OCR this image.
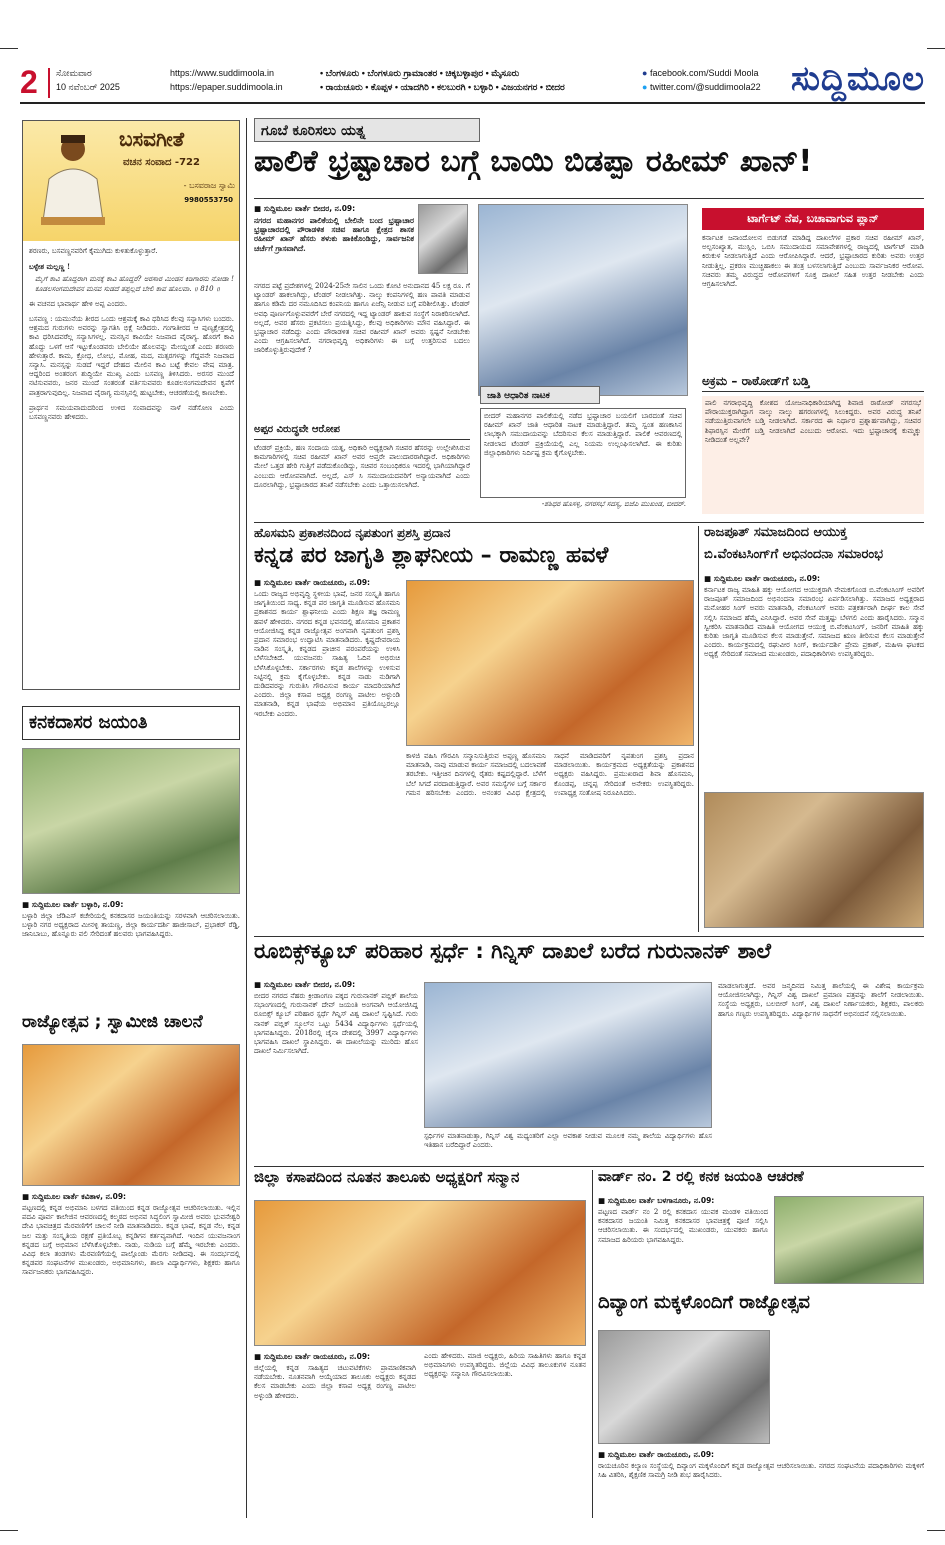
2	ಸೋಮವಾರ
10 ನವೆಂಬರ್ 2025
https://www.suddimoola.in
https://epaper.suddimoola.in
• ಬೆಂಗಳೂರು • ಬೆಂಗಳೂರು ಗ್ರಾಮಾಂತರ • ಚಿಕ್ಕಬಳ್ಳಾಪುರ • ಮೈಸೂರು
• ರಾಯಚೂರು • ಕೊಪ್ಪಳ • ಯಾದಗಿರಿ • ಕಲಬುರಗಿ • ಬಳ್ಳಾರಿ • ವಿಜಯನಗರ • ಬೀದರ
● facebook.com/Suddi Moola
● twitter.com/@suddimoola22 ಸುದ್ದಿಮೂಲ
ಬಸವಗೀತೆ
ವಚನ ಸಂವಾದ -722
- ಬಸವರಾಜ ಸ್ವಾಮಿ
9980553750

ಶರಣರು, ಬಸವಣ್ಣನವರಿಗೆ ಕೈಮುಗಿದು ಕುಳಿತುಕೊಳ್ಳುತ್ತಾರೆ.

ಬಳ್ಳೇಶ ಮಲ್ಲಣ್ಣ !

ಮೈಗೆ ಕಾವಿ ಹೊದ್ದರಾಗಿ ಮನಕ್ಕೆ ಕಾವಿ ಹೊದ್ದರೆ? ಅರಸಾರ ಮಿಂಡನ ಕಿಡಿಗಾರನು ನೋಡಾ ! ಕೂಡಲಸಂಗಮದೇವನ ಮನವ ಸುಡದೆ ತಪ್ಪಲ್ಲದೆ ಬೇಲಿ ಕಾವ ಹೊಲವಾ. ॥ 810 ॥

ಈ ವಚನದ ಭಾವಾರ್ಥ ಹೇಳಿ ಅಪ್ಪ ಎಂದರು.

ಬಸವಣ್ಣ : ಯಮುನೆಯ ತೀರದ ಒಂದು ಆಶ್ರಮಕ್ಕೆ ಕಾವಿ ಧರಿಸಿದ ಕೆಲವು ಸನ್ಯಾಸಿಗಳು ಬಂದರು. ಆಶ್ರಮದ ಗುರುಗಳು ಅವರನ್ನು ಸ್ವಾಗತಿಸಿ ಭಿಕ್ಷೆ ನೀಡಿದರು. ಗಂಗಾತೀರದ ಆ ಪುಣ್ಯಕ್ಷೇತ್ರದಲ್ಲಿ ಕಾವಿ ಧರಿಸಿದವರೆಲ್ಲ ಸನ್ಯಾಸಿಗಳಲ್ಲ. ಮನಸ್ಸಿನ ಕಾವಿಯೇ ನಿಜವಾದ ವೈರಾಗ್ಯ. ಹೊರಗೆ ಕಾವಿ ಹೊದ್ದು ಒಳಗೆ ಆಸೆ ಇಟ್ಟುಕೊಂಡವರು ಬೇಲಿಯೇ ಹೊಲವನ್ನು ಮೇಯ್ದಂತೆ ಎಂದು ಶರಣರು ಹೇಳುತ್ತಾರೆ. ಕಾಮ, ಕ್ರೋಧ, ಲೋಭ, ಮೋಹ, ಮದ, ಮತ್ಸರಗಳನ್ನು ಗೆದ್ದವನೇ ನಿಜವಾದ ಸನ್ಯಾಸಿ. ಮನಸ್ಸನ್ನು ಸುಡದೆ ಇದ್ದರೆ ದೇಹದ ಮೇಲಿನ ಕಾವಿ ಬಟ್ಟೆ ಕೇವಲ ವೇಷ ಮಾತ್ರ. ಆದ್ದರಿಂದ ಅಂತರಂಗ ಶುದ್ಧಿಯೇ ಮುಖ್ಯ ಎಂದು ಬಸವಣ್ಣ ತಿಳಿಸಿದರು. ಅರಸರ ಮುಂದೆ ನಟಿಸುವವರು, ಜನರ ಮುಂದೆ ಸಂತರಂತೆ ವರ್ತಿಸುವವರು ಕೂಡಲಸಂಗಮದೇವನ ಕೃಪೆಗೆ ಪಾತ್ರರಾಗುವುದಿಲ್ಲ. ನಿಜವಾದ ವೈರಾಗ್ಯ ಮನಸ್ಸಿನಲ್ಲಿ ಹುಟ್ಟಬೇಕು, ಆಚರಣೆಯಲ್ಲಿ ಕಾಣಬೇಕು.

ಪ್ರಾರ್ಥನ ಸಮಯವಾದುದರಿಂದ ಉಳಿದ ಸಂವಾದವನ್ನು ನಾಳೆ ನಡೆಸೋಣ ಎಂದು ಬಸವಣ್ಣನವರು ಹೇಳಿದರು.

ಕನಕದಾಸರ ಜಯಂತಿ
■ ಸುದ್ದಿಮೂಲ ವಾರ್ತೆ ಬಳ್ಳಾರಿ, ನ.09:
ಬಳ್ಳಾರಿ ಜಿಲ್ಲಾ ಜೆಡಿಎಸ್ ಕಚೇರಿಯಲ್ಲಿ ಕನಕದಾಸರ ಜಯಂತಿಯನ್ನು ಸರಳವಾಗಿ ಆಚರಿಸಲಾಯಿತು. ಬಳ್ಳಾರಿ ನಗರ ಅಧ್ಯಕ್ಷರಾದ ಮೀನಳ್ಳಿ ತಾಯಣ್ಣ, ಜಿಲ್ಲಾ ಕಾರ್ಯದರ್ಶಿ ಹಾಜೀಸಾಬ್, ಪ್ರಭಾಕರ್ ರೆಡ್ಡಿ, ಜಾನಿಬಾಬು, ಹೊನ್ನೂರು ವಲಿ ಸೇರಿದಂತೆ ಹಲವರು ಭಾಗವಹಿಸಿದ್ದರು.
ರಾಜ್ಯೋತ್ಸವ ; ಸ್ವಾಮೀಜಿ ಚಾಲನೆ
■ ಸುದ್ದಿಮೂಲ ವಾರ್ತೆ ಕವಿತಾಳ, ನ.09:
ಪಟ್ಟಣದಲ್ಲಿ ಕನ್ನಡ ಅಭಿಮಾನಿ ಬಳಗದ ವತಿಯಿಂದ ಕನ್ನಡ ರಾಜ್ಯೋತ್ಸವ ಆಚರಿಸಲಾಯಿತು. ಇಲ್ಲಿನ ಪದವಿ ಪೂರ್ವ ಕಾಲೇಜಿನ ಆವರಣದಲ್ಲಿ ಕಲ್ಮಠದ ಅಭಿನವ ಸಿದ್ಧಲಿಂಗ ಸ್ವಾಮೀಜಿ ಅವರು ಭುವನೇಶ್ವರಿ ದೇವಿ ಭಾವಚಿತ್ರದ ಮೆರವಣಿಗೆಗೆ ಚಾಲನೆ ನೀಡಿ ಮಾತನಾಡಿದರು. ಕನ್ನಡ ಭಾಷೆ, ಕನ್ನಡ ನೆಲ, ಕನ್ನಡ ಜಲ ಮತ್ತು ಸಂಸ್ಕೃತಿಯ ರಕ್ಷಣೆ ಪ್ರತಿಯೊಬ್ಬ ಕನ್ನಡಿಗನ ಕರ್ತವ್ಯವಾಗಿದೆ. ಇಂದಿನ ಯುವಜನಾಂಗ ಕನ್ನಡದ ಬಗ್ಗೆ ಅಭಿಮಾನ ಬೆಳೆಸಿಕೊಳ್ಳಬೇಕು. ನಾಡು, ನುಡಿಯ ಬಗ್ಗೆ ಹೆಮ್ಮೆ ಇರಬೇಕು ಎಂದರು. ವಿವಿಧ ಕಲಾ ತಂಡಗಳು ಮೆರವಣಿಗೆಯಲ್ಲಿ ಪಾಲ್ಗೊಂಡು ಮೆರಗು ನೀಡಿದವು. ಈ ಸಂದರ್ಭದಲ್ಲಿ ಕನ್ನಡಪರ ಸಂಘಟನೆಗಳ ಮುಖಂಡರು, ಅಭಿಮಾನಿಗಳು, ಶಾಲಾ ವಿದ್ಯಾರ್ಥಿಗಳು, ಶಿಕ್ಷಕರು ಹಾಗೂ ಸಾರ್ವಜನಿಕರು ಭಾಗವಹಿಸಿದ್ದರು.
ಗೂಬೆ ಕೂರಿಸಲು ಯತ್ನ
ಪಾಲಿಕೆ ಭ್ರಷ್ಟಾಚಾರ ಬಗ್ಗೆ ಬಾಯಿ ಬಿಡಪ್ಪಾ ರಹೀಮ್ ಖಾನ್!
■ ಸುದ್ದಿಮೂಲ ವಾರ್ತೆ ಬೀದರ, ನ.09:
ನಗರದ ಮಹಾನಗರ ಪಾಲಿಕೆಯಲ್ಲಿ ಬೇಲಿನೇ ಬಂದ ಭ್ರಷ್ಟಾಚಾರ ಭ್ರಷ್ಟಾಚಾರದಲ್ಲಿ ಪೌರಾಡಳಿತ ಸಚಿವ ಹಾಗೂ ಕ್ಷೇತ್ರದ ಶಾಸಕ ರಹೀಮ್ ಖಾನ್ ಹೆಸರು ತಳುಕು ಹಾಕಿಕೊಂಡಿದ್ದು, ಸಾರ್ವಜನಿಕ ಚರ್ಚೆಗೆ ಗ್ರಾಸವಾಗಿದೆ.
ನಗರದ ಪಟ್ಟೆ ಪ್ರದೇಶಗಳಲ್ಲಿ 2024-25ನೇ ಸಾಲಿನ ಒಂದು ಕೋಟಿ ಅನುದಾನದ 45 ಲಕ್ಷ ರೂ. ಗೆ ಟ್ಯಾಂಡರ್ ಹಾಕಲಾಗಿದ್ದು, ಟೆಂಡರ್ ನೀಡಲಾಗಿತ್ತು. ನಾಲ್ಕು ಕಂಪನಿಗಳಲ್ಲಿ ಹಣ ಪಾವತಿ ಮಾಡುವ ಹಾಗೂ ಕಡಿಮೆ ದರ ನಮೂದಿಸಿದ ಕಂಪನಿಯ ಹಾಗೂ ಏಜೆನ್ಸಿ ನೀಡುವ ಬಗ್ಗೆ ಪರಿಶೀಲಿಸಿತ್ತು. ಟೆಂಡರ್ ಅವಧಿ ಪೂರ್ಣಗೊಳ್ಳುವವರೆಗೆ ಬೇರೆ ನಗರದಲ್ಲಿ ಇದ್ದ ಟ್ಯಾಂಡರ್ ಹಾಕುವ ಸಂಸ್ಥೆಗೆ ನಿರಾಕರಿಸಲಾಗಿದೆ. ಅಲ್ಲದೆ, ಅವರ ಹೆಸರು ಪ್ರಕಟಿಸಲು ಪ್ರಯತ್ನಿಸಿದ್ದು, ಕೆಲವು ಅಧಿಕಾರಿಗಳು ಮೌನ ವಹಿಸಿದ್ದಾರೆ. ಈ ಭ್ರಷ್ಟಾಚಾರ ನಡೆದಿದ್ದು ಎಂದು ಪೌರಾಡಳಿತ ಸಚಿವ ರಹೀಮ್ ಖಾನ್ ಅವರು ಸ್ಪಷ್ಟನೆ ನೀಡಬೇಕು ಎಂದು ಆಗ್ರಹಿಸಲಾಗಿದೆ. ನಗರಾಭಿವೃದ್ಧಿ ಅಧಿಕಾರಿಗಳು ಈ ಬಗ್ಗೆ ಉತ್ತರಿಸುವ ಬದಲು ಜಾರಿಕೊಳ್ಳುತ್ತಿರುವುದೇಕೆ ?
ಅಪ್ಪರ ವಿರುದ್ಧವೇ ಆರೋಪ
ಟೆಂಡರ್ ಪ್ರಕ್ರಿಯೆ, ಹಣ ಸಂದಾಯ ಯತ್ನ, ಅಧಿಕಾರಿ ಅಧ್ಯಕ್ಷರಾಗಿ ಸಚಿವರ ಹೆಸರನ್ನು ಉಲ್ಲೇಖಿಸಿರುವ ಕಾಮಗಾರಿಗಳಲ್ಲಿ ಸಚಿವ ರಹೀಮ್ ಖಾನ್ ಅವರ ಆಪ್ತರೇ ಪಾಲುದಾರರಾಗಿದ್ದಾರೆ. ಅಧಿಕಾರಿಗಳು ಮೇಲೆ ಒತ್ತಡ ಹೇರಿ ಗುತ್ತಿಗೆ ಪಡೆದುಕೊಂಡಿದ್ದು, ಸಚಿವರ ಸಂಬಂಧಿಕರೂ ಇದರಲ್ಲಿ ಭಾಗಿಯಾಗಿದ್ದಾರೆ ಎಂಬುದು ಆರೋಪವಾಗಿದೆ. ಅಲ್ಲದೆ, ಎಸ್ ಸಿ ಸಮುದಾಯದವರಿಗೆ ಅನ್ಯಾಯವಾಗಿದೆ ಎಂದು ದೂರಲಾಗಿದ್ದು, ಭ್ರಷ್ಟಾಚಾರದ ತನಿಖೆ ನಡೆಸಬೇಕು ಎಂದು ಒತ್ತಾಯಿಸಲಾಗಿದೆ.
ಜಾತಿ ಆಧಾರಿತ ನಾಟಕ
ಬೀದರ್ ಮಹಾನಗರ ಪಾಲಿಕೆಯಲ್ಲಿ ನಡೆದ ಭ್ರಷ್ಟಾಚಾರ ಬಯಲಿಗೆ ಬಾರದಂತೆ ಸಚಿವ ರಹೀಮ್ ಖಾನ್ ಜಾತಿ ಆಧಾರಿತ ನಾಟಕ ಮಾಡುತ್ತಿದ್ದಾರೆ. ತಮ್ಮ ಸ್ವಂತ ಹಣಕಾಸಿನ ಲಾಭಕ್ಕಾಗಿ ಸಮುದಾಯವನ್ನು ಬೆದರಿಸುವ ಕೆಲಸ ಮಾಡುತ್ತಿದ್ದಾರೆ. ಪಾಲಿಕೆ ಆವರಣದಲ್ಲಿ ನೀಡಲಾದ ಟೆಂಡರ್ ಪ್ರಕ್ರಿಯೆಯಲ್ಲಿ ಎಲ್ಲ ನಿಯಮ ಉಲ್ಲಂಘಿಸಲಾಗಿದೆ. ಈ ಕುರಿತು ಜಿಲ್ಲಾಧಿಕಾರಿಗಳು ನಿರ್ದಿಷ್ಟ ಕ್ರಮ ಕೈಗೊಳ್ಳಬೇಕು.
-ಶಶಿಧರ ಹೊಸಳ್ಳಿ, ನಗರಸಭೆ ಸದಸ್ಯ, ಬಿಜೆಪಿ ಮುಖಂಡ, ಬೀದರ್.
ಟಾರ್ಗೆಟ್ ನೆಪ, ಬಚಾವಾಗುವ ಪ್ಲಾನ್
ಕರ್ನಾಟಕ ಜನಾಂದೋಲನ ಬಿಡುಗಡೆ ಮಾಡಿದ್ದ ದಾಖಲೆಗಳ ಪ್ರಕಾರ ಸಚಿವ ರಹೀಮ್ ಖಾನ್, ಅಲ್ಪಸಂಖ್ಯಾತ, ಮುಸ್ಲಿಂ, ಒಬಿಸಿ ಸಮುದಾಯದ ಸಮಾವೇಶಗಳಲ್ಲಿ ರಾಜ್ಯದಲ್ಲಿ ಟಾರ್ಗೆಟ್ ಮಾಡಿ ಕಿರುಕುಳ ನೀಡಲಾಗುತ್ತಿದೆ ಎಂದು ಆರೋಪಿಸಿದ್ದಾರೆ. ಆದರೆ, ಭ್ರಷ್ಟಾಚಾರದ ಕುರಿತು ಅವರು ಉತ್ತರ ನೀಡುತ್ತಿಲ್ಲ. ಪ್ರಕರಣ ಮುಚ್ಚಿಹಾಕಲು ಈ ತಂತ್ರ ಬಳಸಲಾಗುತ್ತಿದೆ ಎಂಬುದು ಸಾರ್ವಜನಿಕರ ಆರೋಪ. ಸಚಿವರು ತಮ್ಮ ವಿರುದ್ಧದ ಆರೋಪಗಳಿಗೆ ಸೂಕ್ತ ದಾಖಲೆ ಸಹಿತ ಉತ್ತರ ನೀಡಬೇಕು ಎಂದು ಆಗ್ರಹಿಸಲಾಗಿದೆ.
ಅಕ್ರಮ – ರಾಠೋಡ್‌ಗೆ ಬಡ್ತಿ
ಪಾಲಿ ನಗರಾಭಿವೃದ್ಧಿ ಕೋಶದ ಯೋಜನಾಧಿಕಾರಿಯಾಗಿದ್ದ ಶಿವಾಜಿ ರಾಠೋಡ್ ನಗರಸಭೆ ಪೌರಾಯುಕ್ತರಾಗಿದ್ದಾಗ ನಾಲ್ಕು ನಾಲ್ಕು ಹಗರಣಗಳಲ್ಲಿ ಸಿಲುಕಿದ್ದರು. ಅವರ ವಿರುದ್ಧ ತನಿಖೆ ನಡೆಯುತ್ತಿರುವಾಗಲೇ ಬಡ್ತಿ ನೀಡಲಾಗಿದೆ. ಸರ್ಕಾರದ ಈ ನಿರ್ಧಾರ ಪ್ರಶ್ನಾರ್ಹವಾಗಿದ್ದು, ಸಚಿವರ ಶಿಫಾರಸ್ಸಿನ ಮೇರೆಗೆ ಬಡ್ತಿ ನೀಡಲಾಗಿದೆ ಎಂಬುದು ಆರೋಪ. ಇದು ಭ್ರಷ್ಟಾಚಾರಕ್ಕೆ ಕುಮ್ಮಕ್ಕು ನೀಡಿದಂತೆ ಅಲ್ಲವೇ?
ಹೊಸಮನಿ ಪ್ರಕಾಶನದಿಂದ ನೃಪತುಂಗ ಪ್ರಶಸ್ತಿ ಪ್ರದಾನ
ಕನ್ನಡ ಪರ ಜಾಗೃತಿ ಶ್ಲಾಘನೀಯ – ರಾಮಣ್ಣ ಹವಳೆ
■ ಸುದ್ದಿಮೂಲ ವಾರ್ತೆ ರಾಯಚೂರು, ನ.09:
ಒಂದು ರಾಜ್ಯದ ಅಭಿವೃದ್ಧಿ ಸ್ಥಳೀಯ ಭಾಷೆ, ಜನರ ಸಂಸ್ಕೃತಿ ಹಾಗೂ ಜಾಗೃತಿಯಿಂದ ಸಾಧ್ಯ. ಕನ್ನಡ ಪರ ಜಾಗೃತಿ ಮೂಡಿಸುವ ಹೊಸಮನಿ ಪ್ರಕಾಶನದ ಕಾರ್ಯ ಶ್ಲಾಘನೀಯ ಎಂದು ಶಿಕ್ಷಣ ತಜ್ಞ ರಾಮಣ್ಣ ಹವಳೆ ಹೇಳಿದರು. ನಗರದ ಕನ್ನಡ ಭವನದಲ್ಲಿ ಹೊಸಮನಿ ಪ್ರಕಾಶನ ಆಯೋಜಿಸಿದ್ದ ಕನ್ನಡ ರಾಜ್ಯೋತ್ಸವ ಅಂಗವಾಗಿ ನೃಪತುಂಗ ಪ್ರಶಸ್ತಿ ಪ್ರದಾನ ಸಮಾರಂಭ ಉದ್ಘಾಟಿಸಿ ಮಾತನಾಡಿದರು. ಕೃಷ್ಣದೇವರಾಯ ನಾಡಿನ ಸಂಸ್ಕೃತಿ, ಕನ್ನಡದ ಪ್ರಾಚೀನ ಪರಂಪರೆಯನ್ನು ಉಳಿಸಿ ಬೆಳೆಸಬೇಕಿದೆ. ಯುವಜನರು ಸಾಹಿತ್ಯ ಓದಿನ ಅಭಿರುಚಿ ಬೆಳೆಸಿಕೊಳ್ಳಬೇಕು. ಸರ್ಕಾರಗಳು ಕನ್ನಡ ಶಾಲೆಗಳನ್ನು ಉಳಿಸುವ ನಿಟ್ಟಿನಲ್ಲಿ ಕ್ರಮ ಕೈಗೊಳ್ಳಬೇಕು. ಕನ್ನಡ ನಾಡು ನುಡಿಗಾಗಿ ದುಡಿದವರನ್ನು ಗುರುತಿಸಿ ಗೌರವಿಸುವ ಕಾರ್ಯ ಮಾದರಿಯಾಗಿದೆ ಎಂದರು. ಜಿಲ್ಲಾ ಕಸಾಪ ಅಧ್ಯಕ್ಷ ರಂಗಣ್ಣ ಪಾಟೀಲ ಅಳ್ಳುಂಡಿ ಮಾತನಾಡಿ, ಕನ್ನಡ ಭಾಷೆಯ ಅಭಿಮಾನ ಪ್ರತಿಯೊಬ್ಬರಲ್ಲೂ ಇರಬೇಕು ಎಂದರು.
ಕಾಳಜಿ ವಹಿಸಿ ಗೌರವಿಸಿ ಸನ್ಮಾನಿಸುತ್ತಿರುವ ಅಪ್ಪಣ್ಣ ಹೊಸಮನಿ ಮಾತನಾಡಿ, ನಾವು ಮಾಡುವ ಕಾರ್ಯ ಸಮಾಜದಲ್ಲಿ ಬದಲಾವಣೆ ತರಬೇಕು. ಇತ್ತೀಚಿನ ದಿನಗಳಲ್ಲಿ ರೈತರು ಕಷ್ಟದಲ್ಲಿದ್ದಾರೆ. ಬೆಳೆಗೆ ಬೆಲೆ ಸಿಗದೆ ಪರದಾಡುತ್ತಿದ್ದಾರೆ. ಅವರ ಸಮಸ್ಯೆಗಳ ಬಗ್ಗೆ ಸರ್ಕಾರ ಗಮನ ಹರಿಸಬೇಕು ಎಂದರು. ಅನಂತರ ವಿವಿಧ ಕ್ಷೇತ್ರದಲ್ಲಿ ಸಾಧನೆ ಮಾಡಿದವರಿಗೆ ನೃಪತುಂಗ ಪ್ರಶಸ್ತಿ ಪ್ರದಾನ ಮಾಡಲಾಯಿತು. ಕಾರ್ಯಕ್ರಮದ ಅಧ್ಯಕ್ಷತೆಯನ್ನು ಪ್ರಕಾಶನದ ಅಧ್ಯಕ್ಷರು ವಹಿಸಿದ್ದರು. ಪ್ರಮುಖರಾದ ಶಿವಾ ಹೊಸಮನಿ, ಕೊಂಡಪ್ಪ, ಚನ್ನಪ್ಪ ಸೇರಿದಂತೆ ಅನೇಕರು ಉಪಸ್ಥಿತರಿದ್ದರು. ಉಪಾಧ್ಯಕ್ಷ ಸಂತೋಷ ನಿರೂಪಿಸಿದರು.
ರಾಜಪೂತ್ ಸಮಾಜದಿಂದ ಆಯುಕ್ತ
ಬಿ.ವೆಂಕಟಸಿಂಗ್‌ಗೆ ಅಭಿನಂದನಾ ಸಮಾರಂಭ
■ ಸುದ್ದಿಮೂಲ ವಾರ್ತೆ ರಾಯಚೂರು, ನ.09:
ಕರ್ನಾಟಕ ರಾಜ್ಯ ಮಾಹಿತಿ ಹಕ್ಕು ಆಯೋಗದ ಆಯುಕ್ತರಾಗಿ ನೇಮಕಗೊಂಡ ಬಿ.ವೆಂಕಟಸಿಂಗ್ ಅವರಿಗೆ ರಾಜಪೂತ್ ಸಮಾಜದಿಂದ ಅಭಿನಂದನಾ ಸಮಾರಂಭ ಏರ್ಪಡಿಸಲಾಗಿತ್ತು. ಸಮಾಜದ ಅಧ್ಯಕ್ಷರಾದ ಮನೋಹರ ಸಿಂಗ್ ಅವರು ಮಾತನಾಡಿ, ವೆಂಕಟಸಿಂಗ್ ಅವರು ಪತ್ರಕರ್ತರಾಗಿ ದೀರ್ಘ ಕಾಲ ಸೇವೆ ಸಲ್ಲಿಸಿ ಸಮಾಜದ ಹೆಮ್ಮೆ ಎನಿಸಿದ್ದಾರೆ. ಅವರ ಸೇವೆ ಮತ್ತಷ್ಟು ಬೆಳಗಲಿ ಎಂದು ಹಾರೈಸಿದರು. ಸನ್ಮಾನ ಸ್ವೀಕರಿಸಿ ಮಾತನಾಡಿದ ಮಾಹಿತಿ ಆಯೋಗದ ಆಯುಕ್ತ ಬಿ.ವೆಂಕಟಸಿಂಗ್, ಜನರಿಗೆ ಮಾಹಿತಿ ಹಕ್ಕು ಕುರಿತು ಜಾಗೃತಿ ಮೂಡಿಸುವ ಕೆಲಸ ಮಾಡುತ್ತೇನೆ. ಸಮಾಜದ ಋಣ ತೀರಿಸುವ ಕೆಲಸ ಮಾಡುತ್ತೇನೆ ಎಂದರು. ಕಾರ್ಯಕ್ರಮದಲ್ಲಿ ರಘುವೀರ ಸಿಂಗ್, ಕಾರ್ಯದರ್ಶಿ ಪ್ರೇಮ ಪ್ರಕಾಶ್, ಮಹಿಳಾ ಘಟಕದ ಅಧ್ಯಕ್ಷೆ ಸೇರಿದಂತೆ ಸಮಾಜದ ಮುಖಂಡರು, ಪದಾಧಿಕಾರಿಗಳು ಉಪಸ್ಥಿತರಿದ್ದರು.
ರೂಬಿಕ್ಸ್‌ಕ್ಯೂಬ್ ಪರಿಹಾರ ಸ್ಪರ್ಧೆ : ಗಿನ್ನಿಸ್ ದಾಖಲೆ ಬರೆದ ಗುರುನಾನಕ್ ಶಾಲೆ
■ ಸುದ್ದಿಮೂಲ ವಾರ್ತೆ ಬೀದರ, ನ.09:
ಬೀದರ ನಗರದ ನೆಹರು ಕ್ರೀಡಾಂಗಣ ಪಕ್ಕದ ಗುರುನಾನಕ್ ಪಬ್ಲಿಕ್ ಶಾಲೆಯ ಸಭಾಂಗಣದಲ್ಲಿ ಗುರುನಾನಕ್ ದೇವ್ ಜಯಂತಿ ಅಂಗವಾಗಿ ಆಯೋಜಿಸಿದ್ದ ರೂಬಿಕ್ಸ್ ಕ್ಯೂಬ್ ಪರಿಹಾರ ಸ್ಪರ್ಧೆ ಗಿನ್ನಿಸ್ ವಿಶ್ವ ದಾಖಲೆ ಸೃಷ್ಟಿಸಿದೆ. ಗುರು ನಾನಕ್ ಪಬ್ಲಿಕ್ ಸ್ಕೂಲ್‌ನ ಒಟ್ಟು 5434 ವಿದ್ಯಾರ್ಥಿಗಳು ಸ್ಪರ್ಧೆಯಲ್ಲಿ ಭಾಗವಹಿಸಿದ್ದರು. 2018ರಲ್ಲಿ ಚೈನಾ ದೇಶದಲ್ಲಿ 3997 ವಿದ್ಯಾರ್ಥಿಗಳು ಭಾಗವಹಿಸಿ ದಾಖಲೆ ಸ್ಥಾಪಿಸಿದ್ದರು. ಈ ದಾಖಲೆಯನ್ನು ಮುರಿದು ಹೊಸ ದಾಖಲೆ ನಿರ್ಮಿಸಲಾಗಿದೆ.
ಸ್ಪರ್ಧಿಗಳ ಮಾತನಾಡುತ್ತಾ, ಗಿನ್ನಿಸ್ ವಿಶ್ವ ಮಧ್ಯಂತರಿಗೆ ಎಲ್ಲಾ ಅವಕಾಶ ನೀಡುವ ಮೂಲಕ ನಮ್ಮ ಶಾಲೆಯ ವಿದ್ಯಾರ್ಥಿಗಳು ಹೊಸ ಇತಿಹಾಸ ಬರೆದಿದ್ದಾರೆ ಎಂದರು.
ಮಾಡಲಾಗುತ್ತದೆ. ಅವರ ಜನ್ಮದಿನದ ನಿಮಿತ್ತ ಶಾಲೆಯಲ್ಲಿ ಈ ವಿಶೇಷ ಕಾರ್ಯಕ್ರಮ ಆಯೋಜಿಸಲಾಗಿದ್ದು, ಗಿನ್ನಿಸ್ ವಿಶ್ವ ದಾಖಲೆ ಪ್ರಮಾಣ ಪತ್ರವನ್ನು ಶಾಲೆಗೆ ನೀಡಲಾಯಿತು. ಸಂಸ್ಥೆಯ ಅಧ್ಯಕ್ಷರು, ಬಲಬೀರ್ ಸಿಂಗ್, ವಿಶ್ವ ದಾಖಲೆ ನಿರ್ಣಾಯಕರು, ಶಿಕ್ಷಕರು, ಪಾಲಕರು ಹಾಗೂ ಗಣ್ಯರು ಉಪಸ್ಥಿತರಿದ್ದರು. ವಿದ್ಯಾರ್ಥಿಗಳ ಸಾಧನೆಗೆ ಅಭಿನಂದನೆ ಸಲ್ಲಿಸಲಾಯಿತು.
ಜಿಲ್ಲಾ ಕಸಾಪದಿಂದ ನೂತನ ತಾಲೂಕು ಅಧ್ಯಕ್ಷರಿಗೆ ಸನ್ಮಾನ
■ ಸುದ್ದಿಮೂಲ ವಾರ್ತೆ ರಾಯಚೂರು, ನ.09:
ಜಿಲ್ಲೆಯಲ್ಲಿ ಕನ್ನಡ ಸಾಹಿತ್ಯದ ಚಟುವಟಿಕೆಗಳು ಪ್ರಾಮಾಣಿಕವಾಗಿ ನಡೆಯಬೇಕು. ನೂತನವಾಗಿ ಆಯ್ಕೆಯಾದ ತಾಲೂಕು ಅಧ್ಯಕ್ಷರು ಕನ್ನಡದ ಕೆಲಸ ಮಾಡಬೇಕು ಎಂದು ಜಿಲ್ಲಾ ಕಸಾಪ ಅಧ್ಯಕ್ಷ ರಂಗಣ್ಣ ಪಾಟೀಲ ಅಳ್ಳುಂಡಿ ಹೇಳಿದರು.
ಎಂದು ಹೇಳಿದರು. ಮಾಜಿ ಅಧ್ಯಕ್ಷರು, ಹಿರಿಯ ಸಾಹಿತಿಗಳು ಹಾಗೂ ಕನ್ನಡ ಅಭಿಮಾನಿಗಳು ಉಪಸ್ಥಿತರಿದ್ದರು. ಜಿಲ್ಲೆಯ ವಿವಿಧ ತಾಲೂಕುಗಳ ನೂತನ ಅಧ್ಯಕ್ಷರನ್ನು ಸನ್ಮಾನಿಸಿ ಗೌರವಿಸಲಾಯಿತು.
ವಾರ್ಡ್ ನಂ. 2 ರಲ್ಲಿ ಕನಕ ಜಯಂತಿ ಆಚರಣೆ
■ ಸುದ್ದಿಮೂಲ ವಾರ್ತೆ ಬಳಗಾನೂರು, ನ.09:
ಪಟ್ಟಣದ ವಾರ್ಡ್ ನಂ 2 ರಲ್ಲಿ ಕನಕದಾಸ ಯುವಕ ಮಂಡಳಿ ವತಿಯಿಂದ ಕನಕದಾಸರ ಜಯಂತಿ ನಿಮಿತ್ತ ಕನಕದಾಸರ ಭಾವಚಿತ್ರಕ್ಕೆ ಪೂಜೆ ಸಲ್ಲಿಸಿ ಆಚರಿಸಲಾಯಿತು. ಈ ಸಂದರ್ಭದಲ್ಲಿ ಮುಖಂಡರು, ಯುವಕರು ಹಾಗೂ ಸಮಾಜದ ಹಿರಿಯರು ಭಾಗವಹಿಸಿದ್ದರು.
ದಿವ್ಯಾಂಗ ಮಕ್ಕಳೊಂದಿಗೆ ರಾಜ್ಯೋತ್ಸವ
■ ಸುದ್ದಿಮೂಲ ವಾರ್ತೆ ರಾಯಚೂರು, ನ.09:
ರಾಯಚೂರಿನ ಕಲ್ಯಾಣ ಸಂಸ್ಥೆಯಲ್ಲಿ ದಿವ್ಯಾಂಗ ಮಕ್ಕಳೊಂದಿಗೆ ಕನ್ನಡ ರಾಜ್ಯೋತ್ಸವ ಆಚರಿಸಲಾಯಿತು. ನಗರದ ಸಂಘಟನೆಯ ಪದಾಧಿಕಾರಿಗಳು ಮಕ್ಕಳಿಗೆ ಸಿಹಿ ವಿತರಿಸಿ, ಶೈಕ್ಷಣಿಕ ಸಾಮಗ್ರಿ ನೀಡಿ ಶುಭ ಹಾರೈಸಿದರು.
